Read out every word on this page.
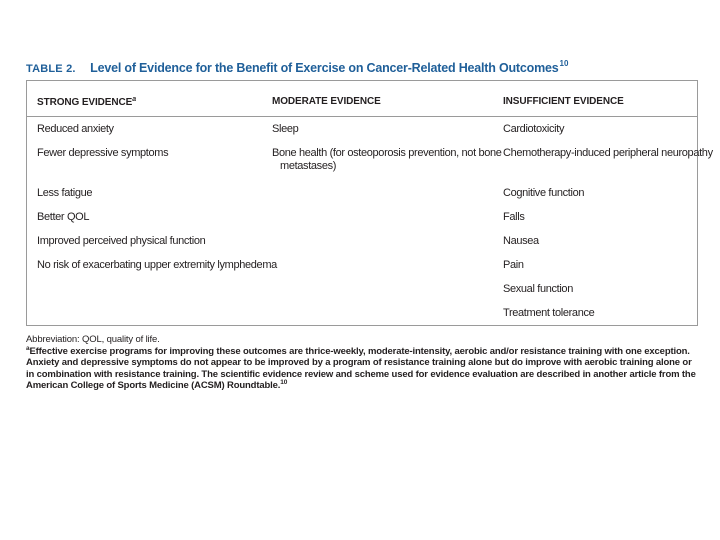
TABLE 2. Level of Evidence for the Benefit of Exercise on Cancer-Related Health Outcomes$^{10}$
STRONG EVIDENCE$^a$	MODERATE EVIDENCE	INSUFFICIENT EVIDENCE
Reduced anxiety
Fewer depressive symptoms
Less fatigue
Better QOL
Improved perceived physical function
No risk of exacerbating upper extremity lymphedema
Sleep
Bone health (for osteoporosis prevention, not bone
metastases)
Cardiotoxicity
Chemotherapy-induced peripheral neuropathy
Cognitive function
Falls
Nausea
Pain
Sexual function
Treatment tolerance
Abbreviation: QOL, quality of life.
$^a$Effective exercise programs for improving these outcomes are thrice-weekly, moderate-intensity, aerobic and/or resistance training with one exception. Anxiety and depressive symptoms do not appear to be improved by a program of resistance training alone but do improve with aerobic training alone or in combination with resistance training. The scientific evidence review and scheme used for evidence evaluation are described in another article from the American College of Sports Medicine (ACSM) Roundtable.$^{10}$
